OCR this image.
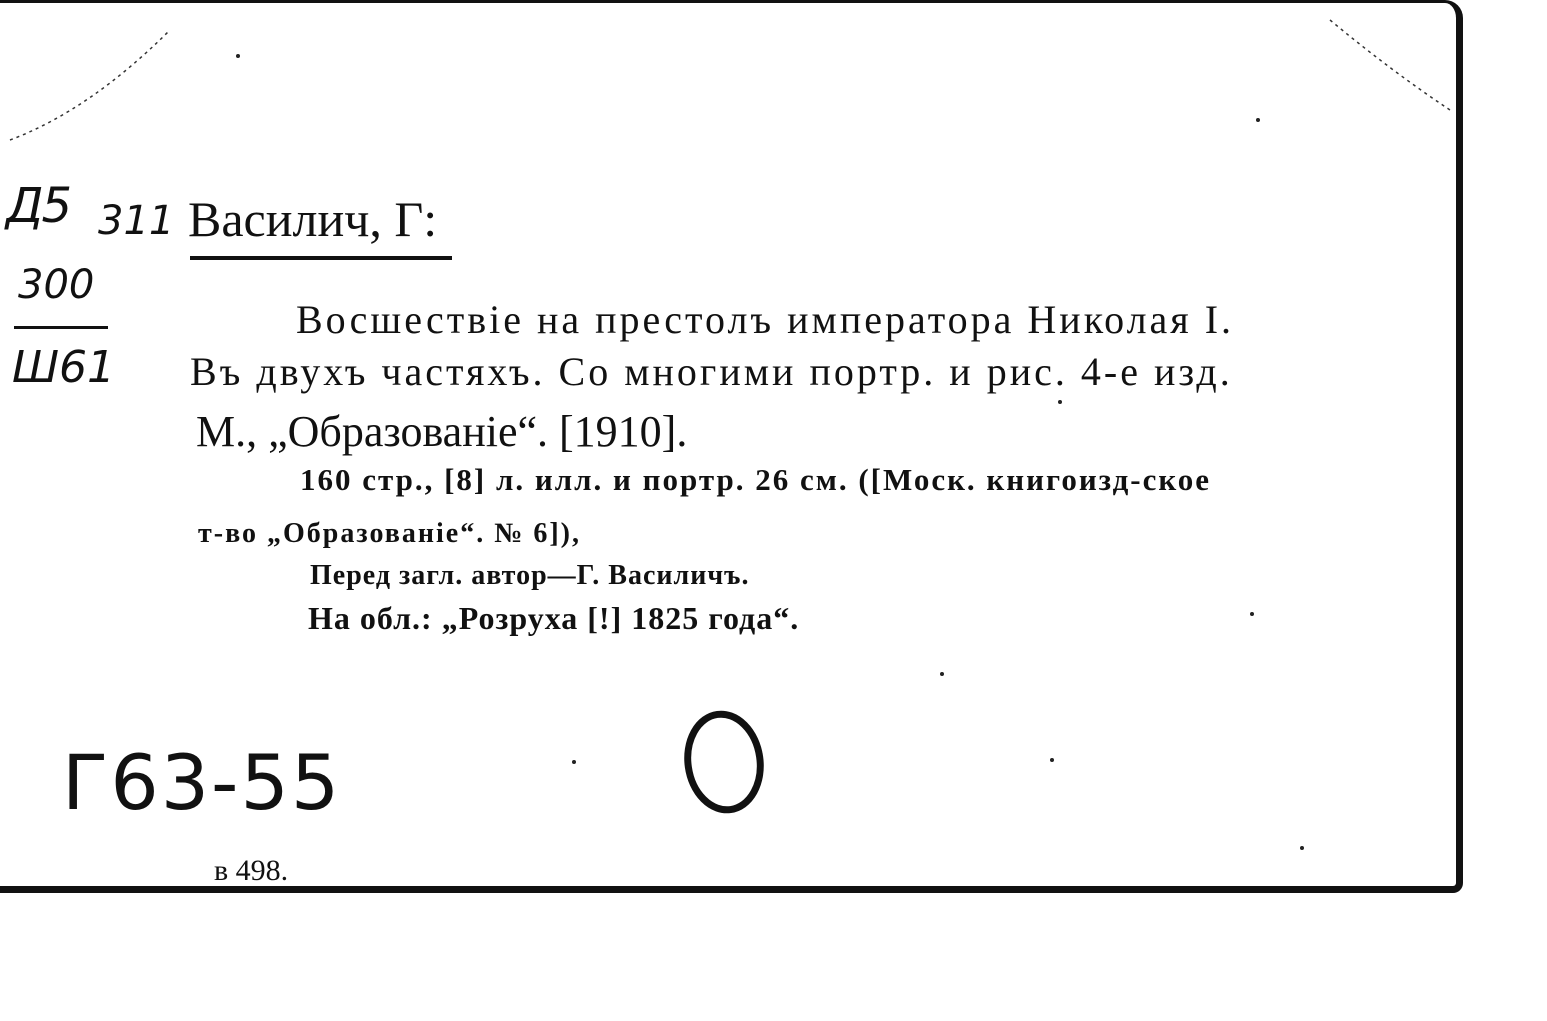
Д5 311
300
Ш61
Василич, Г:
Восшествіе на престолъ императора Николая I.
Въ двухъ частяхъ. Со многими портр. и рис. 4-е изд.
М., „Образованіе“. [1910].
160 стр., [8] л. илл. и портр. 26 см. ([Моск. книгоизд-ское
т-во „Образованіе“. № 6]),
Перед загл. автор—Г. Василичъ.
На обл.: „Розруха [!] 1825 года“.
Г63-55
в 498.
